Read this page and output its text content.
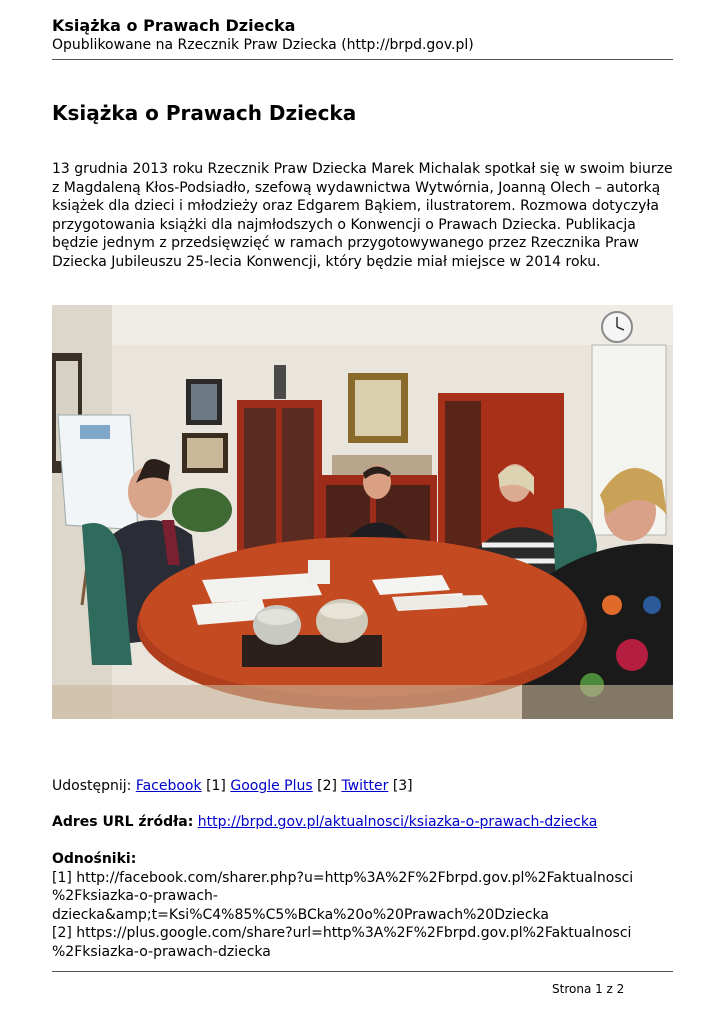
Książka o Prawach Dziecka
Opublikowane na Rzecznik Praw Dziecka (http://brpd.gov.pl)
Książka o Prawach Dziecka

13 grudnia 2013 roku Rzecznik Praw Dziecka Marek Michalak spotkał się w swoim biurze z Magdaleną Kłos-Podsiadło, szefową wydawnictwa Wytwórnia, Joanną Olech – autorką książek dla dzieci i młodzieży oraz Edgarem Bąkiem, ilustratorem. Rozmowa dotyczyła przygotowania książki dla najmłodszych o Konwencji o Prawach Dziecka. Publikacja będzie jednym z przedsięwzięć w ramach przygotowywanego przez Rzecznika Praw Dziecka Jubileuszu 25-lecia Konwencji, który będzie miał miejsce w 2014 roku.

Udostępnij: Facebook [1] Google Plus [2] Twitter [3]
Adres URL źródła: http://brpd.gov.pl/aktualnosci/ksiazka-o-prawach-dziecka
Odnośniki:
[1] http://facebook.com/sharer.php?u=http%3A%2F%2Fbrpd.gov.pl%2Faktualnosci
%2Fksiazka-o-prawach-
dziecka&amp;t=Ksi%C4%85%C5%BCka%20o%20Prawach%20Dziecka
[2] https://plus.google.com/share?url=http%3A%2F%2Fbrpd.gov.pl%2Faktualnosci
%2Fksiazka-o-prawach-dziecka
Strona 1 z 2
